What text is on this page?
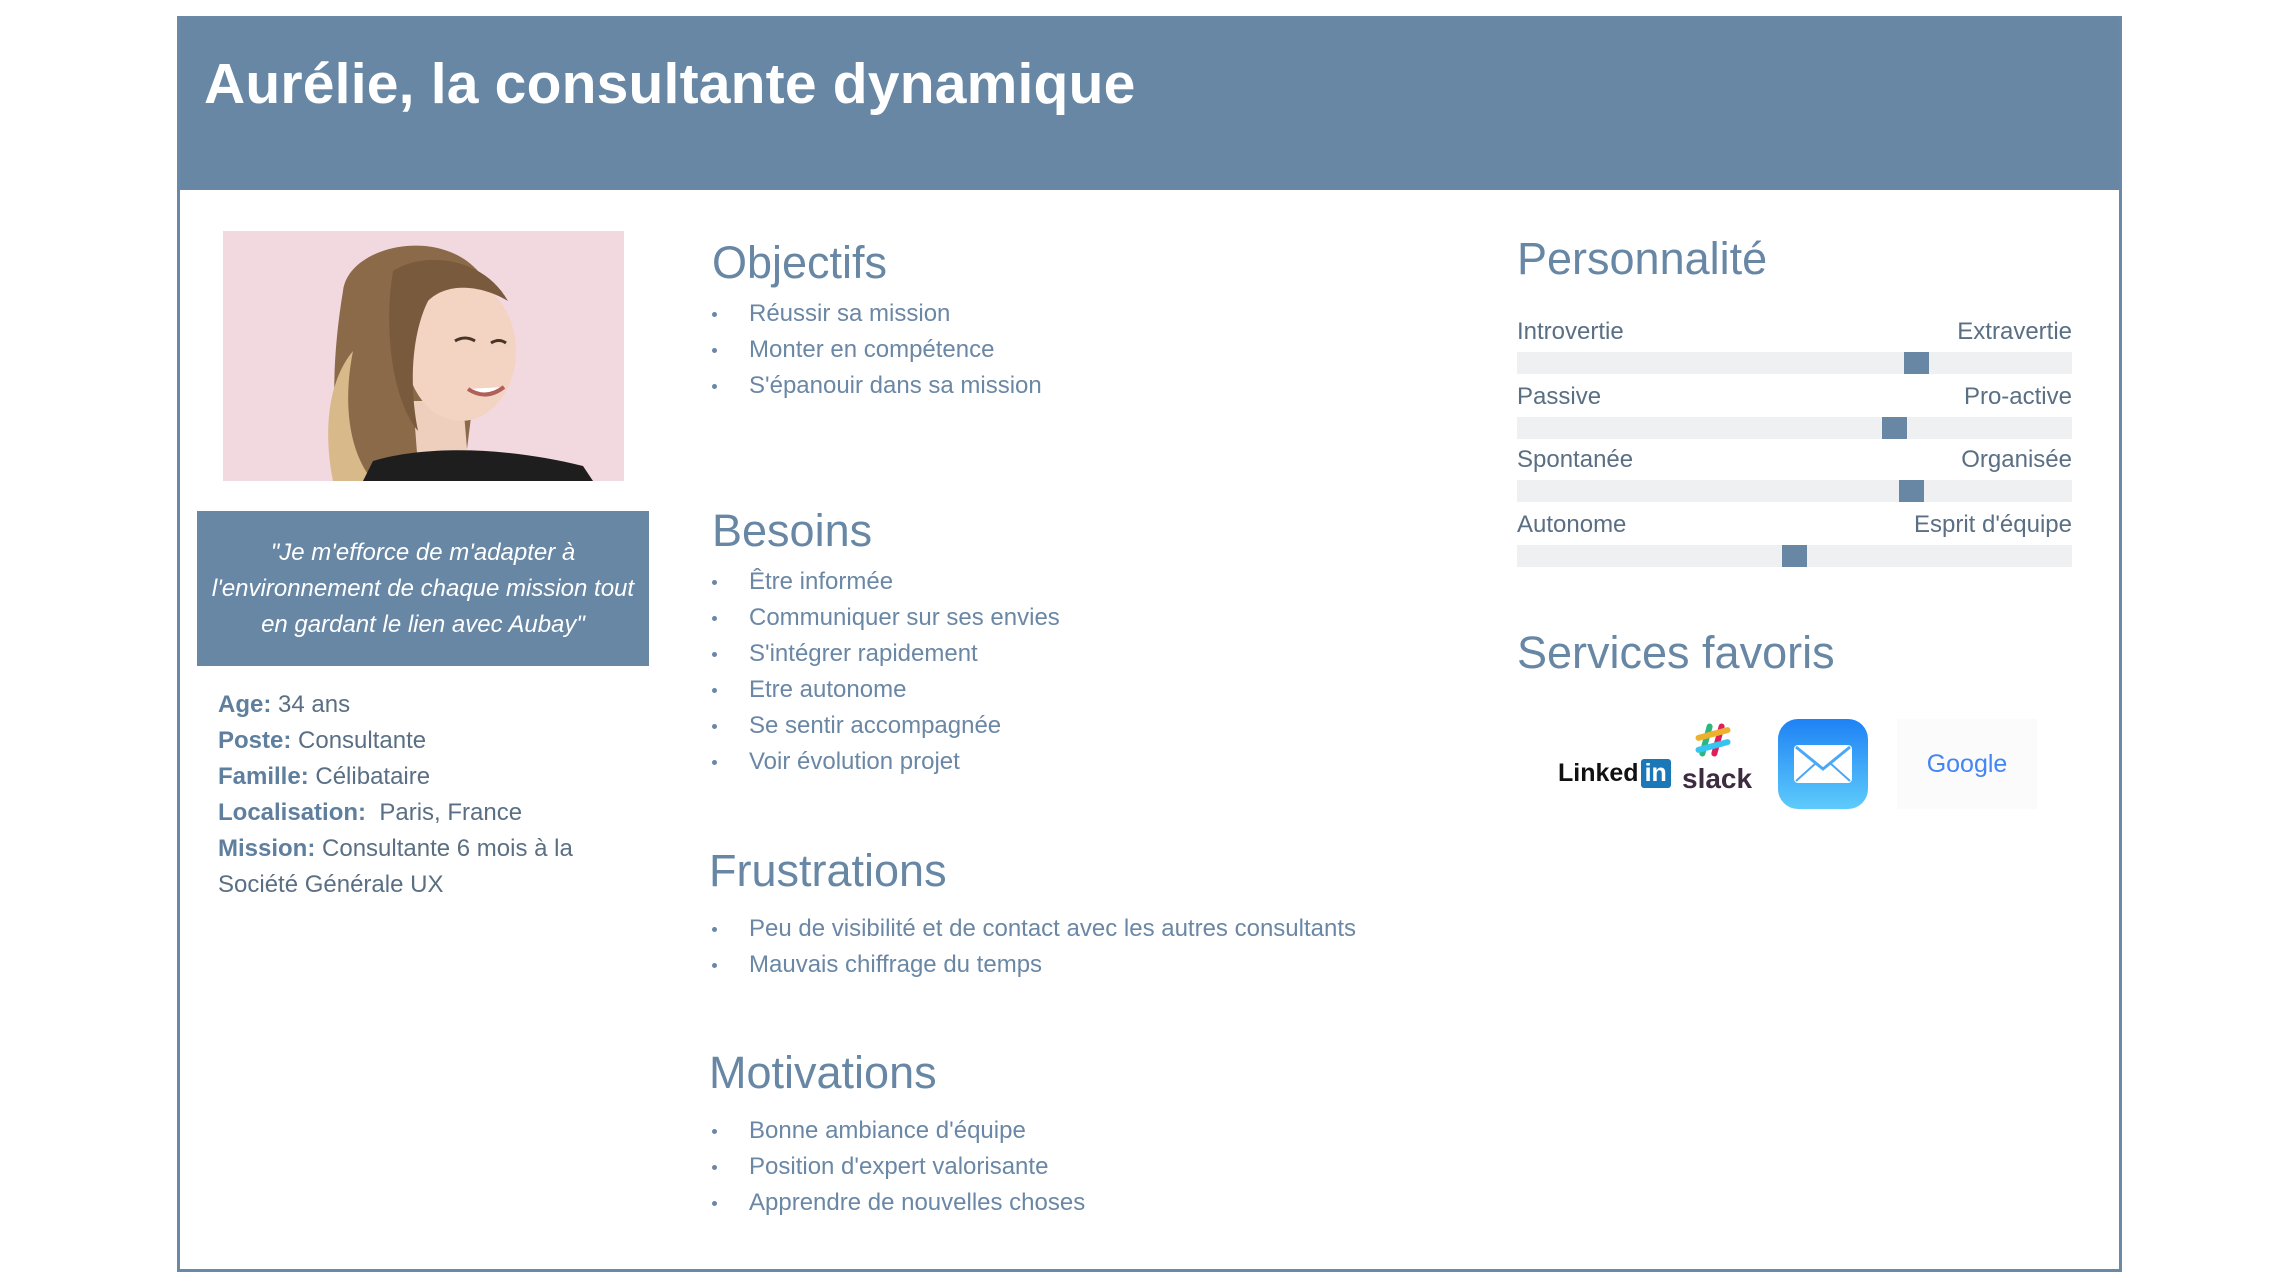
Aurélie, la consultante dynamique
"Je m'efforce de m'adapter à l'environnement de chaque mission tout en gardant le lien avec Aubay"
Age: 34 ans
Poste: Consultante
Famille: Célibataire
Localisation: Paris, France
Mission: Consultante 6 mois à la Société Générale UX
Objectifs
Réussir sa mission
Monter en compétence
S'épanouir dans sa mission
Besoins
Être informée
Communiquer sur ses envies
S'intégrer rapidement
Etre autonome
Se sentir accompagnée
Voir évolution projet
Frustrations
Peu de visibilité et de contact avec les autres consultants
Mauvais chiffrage du temps
Motivations
Bonne ambiance d'équipe
Position d'expert valorisante
Apprendre de nouvelles choses
Personnalité
Introvertie	Extravertie
Passive	Pro-active
Spontanée	Organisée
Autonome	Esprit d'équipe
Services favoris
Linked in slack	Google
